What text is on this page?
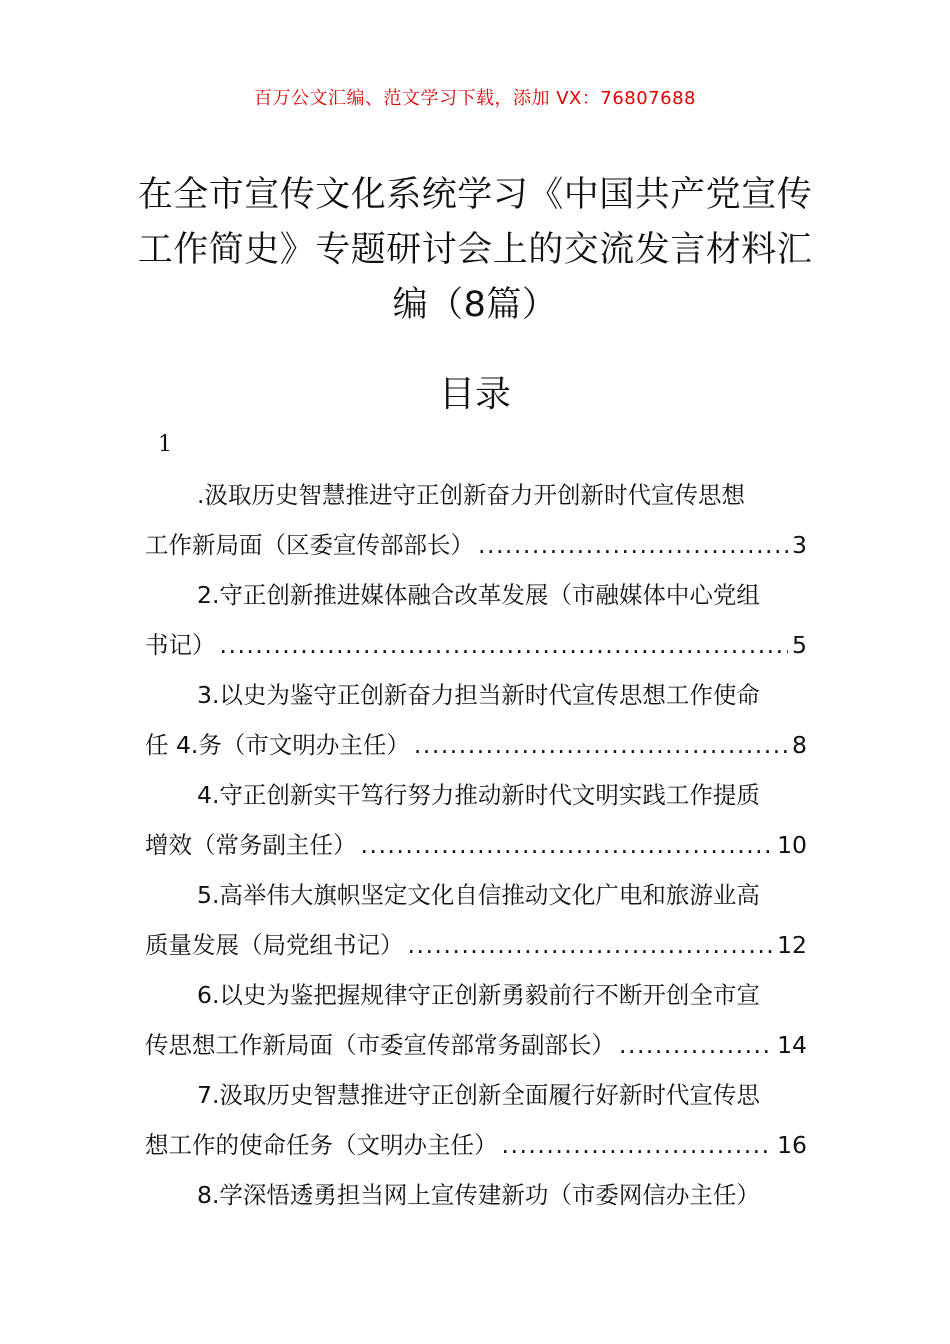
百万公文汇编、范文学习下载，添加 VX：76807688
在全市宣传文化系统学习《中国共产党宣传工作简史》专题研讨会上的交流发言材料汇编（8篇）
目录
1
.汲取历史智慧推进守正创新奋力开创新时代宣传思想
工作新局面（区委宣传部部长） .....	3
2.守正创新推进媒体融合改革发展（市融媒体中心党组
书记） .....	5
3.以史为鉴守正创新奋力担当新时代宣传思想工作使命
任 4.务（市文明办主任） .....	8
4.守正创新实干笃行努力推动新时代文明实践工作提质
增效（常务副主任） .....	10
5.高举伟大旗帜坚定文化自信推动文化广电和旅游业高
质量发展（局党组书记） .....	12
6.以史为鉴把握规律守正创新勇毅前行不断开创全市宣
传思想工作新局面（市委宣传部常务副部长） .....	14
7.汲取历史智慧推进守正创新全面履行好新时代宣传思
想工作的使命任务（文明办主任） .....	16
8.学深悟透勇担当网上宣传建新功（市委网信办主任）
